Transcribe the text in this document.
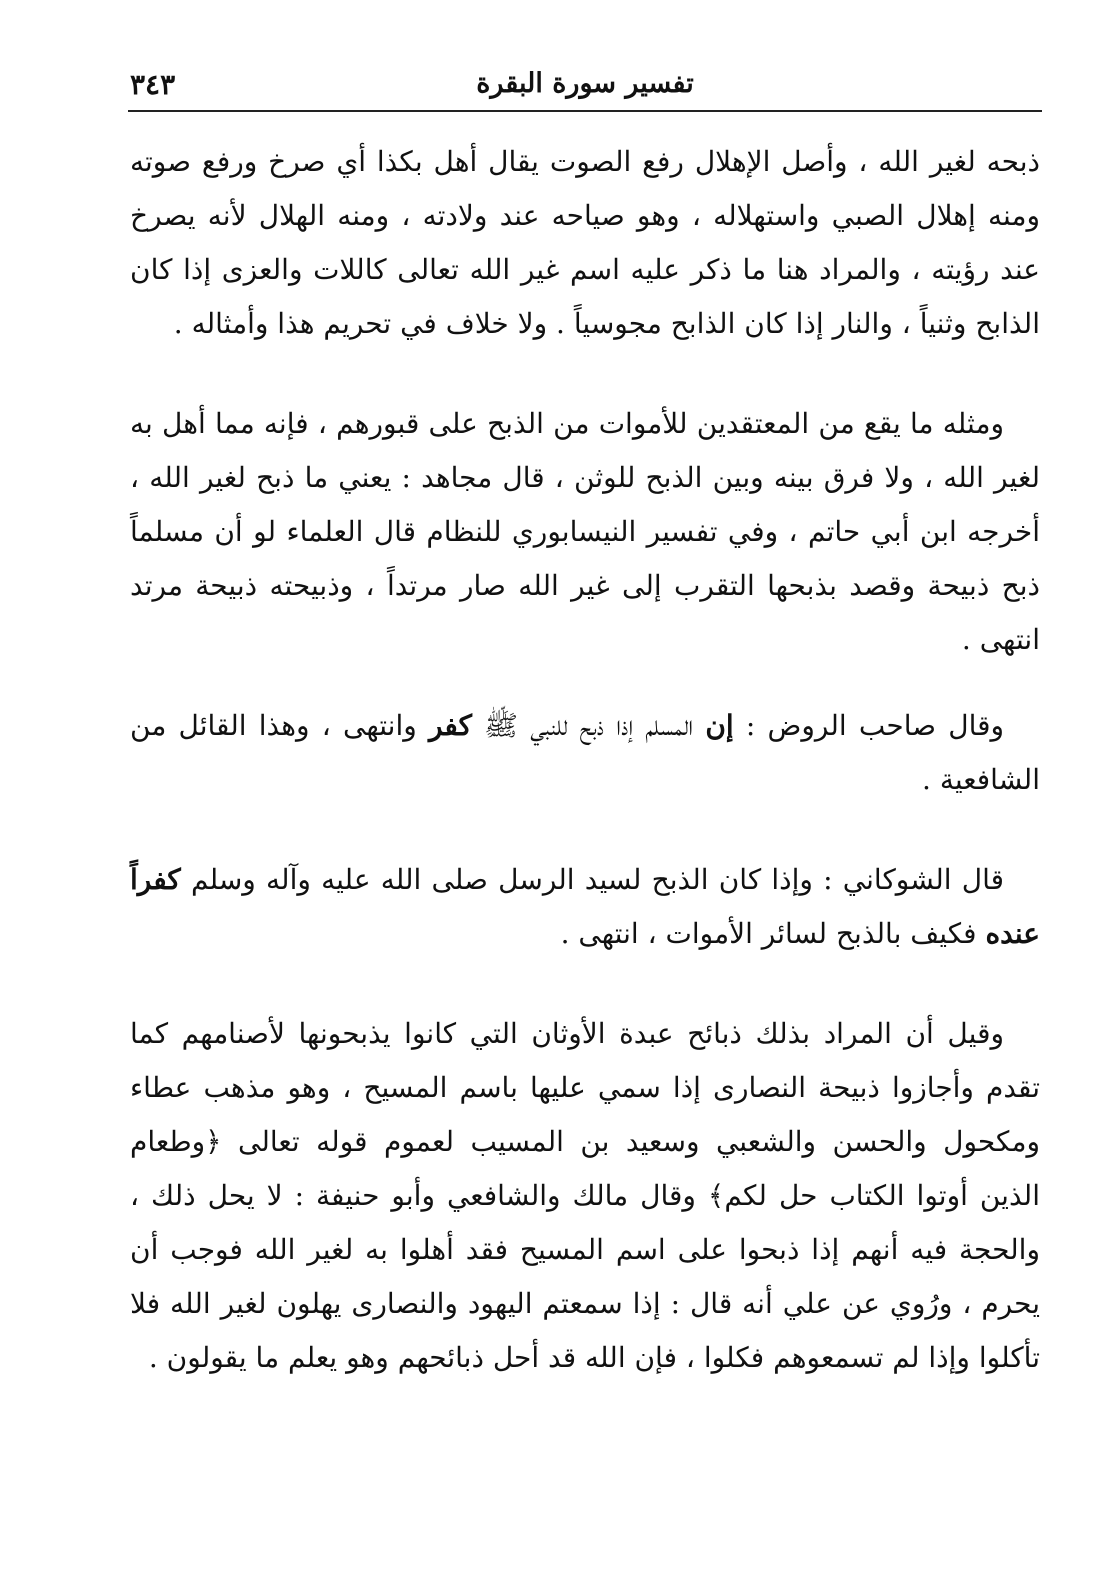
تفسير سورة البقرة
٣٤٣

ذبحه لغير الله ، وأصل الإهلال رفع الصوت يقال أهل بكذا أي صرخ ورفع صوته ومنه إهلال الصبي واستهلاله ، وهو صياحه عند ولادته ، ومنه الهلال لأنه يصرخ عند رؤيته ، والمراد هنا ما ذكر عليه اسم غير الله تعالى كاللات والعزى إذا كان الذابح وثنياً ، والنار إذا كان الذابح مجوسياً . ولا خلاف في تحريم هذا وأمثاله .

ومثله ما يقع من المعتقدين للأموات من الذبح على قبورهم ، فإنه مما أهل به لغير الله ، ولا فرق بينه وبين الذبح للوثن ، قال مجاهد : يعني ما ذبح لغير الله ، أخرجه ابن أبي حاتم ، وفي تفسير النيسابوري للنظام قال العلماء لو أن مسلماً ذبح ذبيحة وقصد بذبحها التقرب إلى غير الله صار مرتداً ، وذبيحته ذبيحة مرتد انتهى .

وقال صاحب الروض : إن المسلم إذا ذبح للنبي ﷺ كفر وانتهى ، وهذا القائل من الشافعية .

قال الشوكاني : وإذا كان الذبح لسيد الرسل صلى الله عليه وآله وسلم كفراً عنده فكيف بالذبح لسائر الأموات ، انتهى .

وقيل أن المراد بذلك ذبائح عبدة الأوثان التي كانوا يذبحونها لأصنامهم كما تقدم وأجازوا ذبيحة النصارى إذا سمي عليها باسم المسيح ، وهو مذهب عطاء ومكحول والحسن والشعبي وسعيد بن المسيب لعموم قوله تعالى ﴿وطعام الذين أوتوا الكتاب حل لكم﴾ وقال مالك والشافعي وأبو حنيفة : لا يحل ذلك ، والحجة فيه أنهم إذا ذبحوا على اسم المسيح فقد أهلوا به لغير الله فوجب أن يحرم ، ورُوي عن علي أنه قال : إذا سمعتم اليهود والنصارى يهلون لغير الله فلا تأكلوا وإذا لم تسمعوهم فكلوا ، فإن الله قد أحل ذبائحهم وهو يعلم ما يقولون .
